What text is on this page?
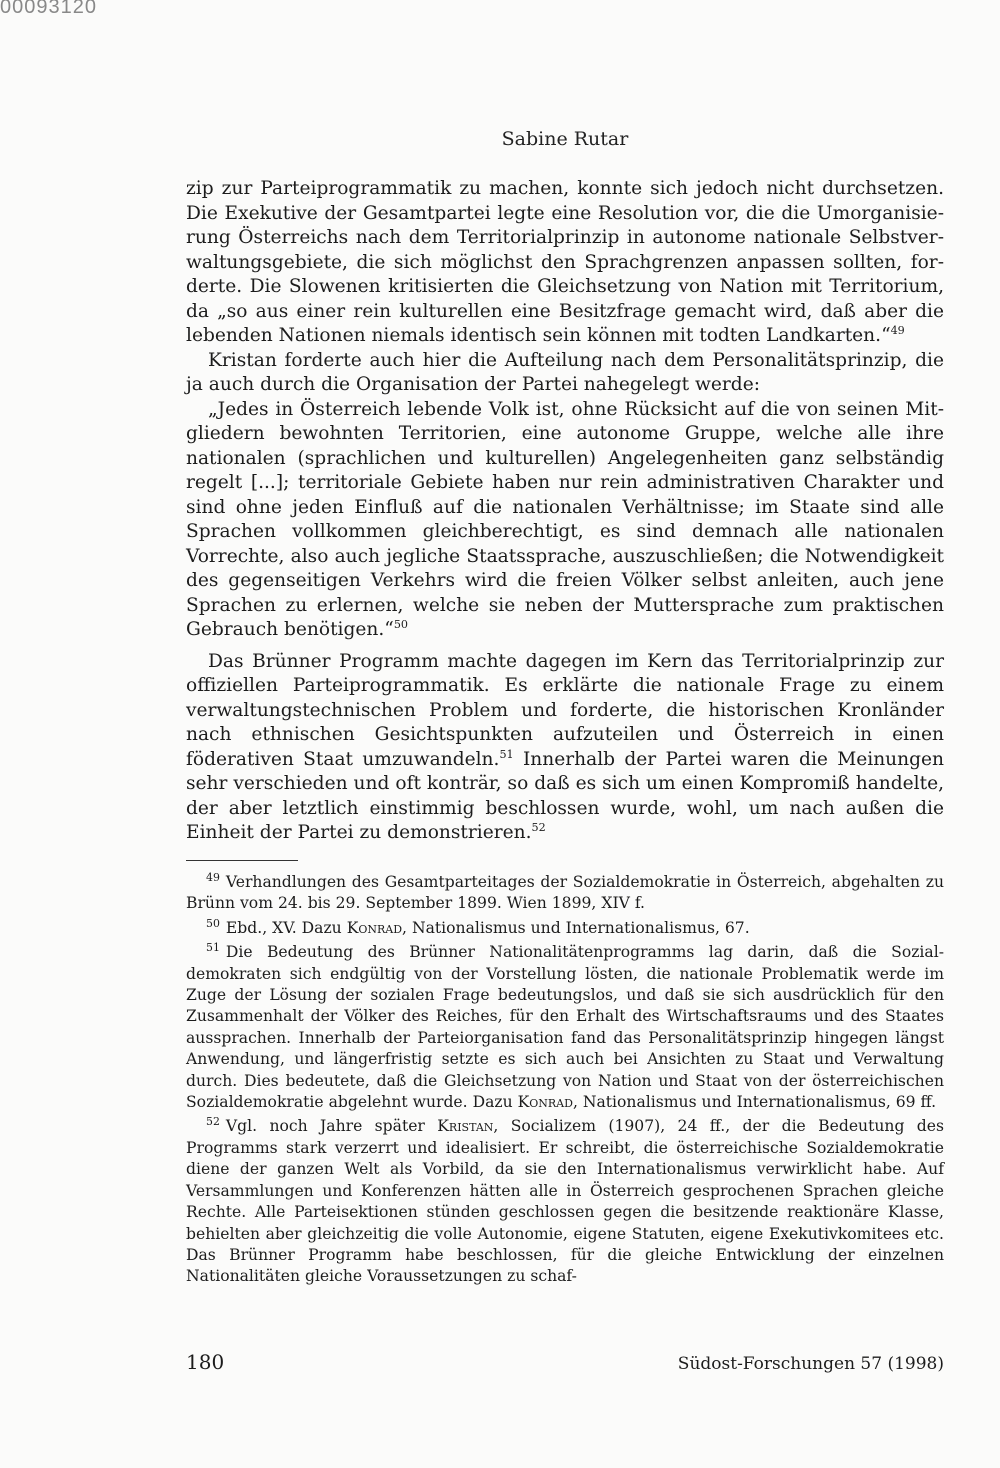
00093120
Sabine Rutar

zip zur Parteiprogrammatik zu machen, konnte sich jedoch nicht durchsetzen. Die Exekutive der Gesamtpartei legte eine Resolution vor, die die Umorganisierung Österreichs nach dem Territorialprinzip in autonome nationale Selbstverwaltungsgebiete, die sich möglichst den Sprachgrenzen anpassen sollten, forderte. Die Slowenen kritisierten die Gleichsetzung von Nation mit Territorium, da „so aus einer rein kulturellen eine Besitzfrage gemacht wird, daß aber die lebenden Nationen niemals identisch sein können mit todten Landkarten.“$^{49}$

Kristan forderte auch hier die Aufteilung nach dem Personalitätsprinzip, die ja auch durch die Organisation der Partei nahegelegt werde:

„Jedes in Österreich lebende Volk ist, ohne Rücksicht auf die von seinen Mitgliedern bewohnten Territorien, eine autonome Gruppe, welche alle ihre nationalen (sprachlichen und kulturellen) Angelegenheiten ganz selbständig regelt [...]; territoriale Gebiete haben nur rein administrativen Charakter und sind ohne jeden Einfluß auf die nationalen Verhältnisse; im Staate sind alle Sprachen vollkommen gleichberechtigt, es sind demnach alle nationalen Vorrechte, also auch jegliche Staatssprache, auszuschließen; die Notwendigkeit des gegenseitigen Verkehrs wird die freien Völker selbst anleiten, auch jene Sprachen zu erlernen, welche sie neben der Muttersprache zum praktischen Gebrauch benötigen.“$^{50}$

Das Brünner Programm machte dagegen im Kern das Territorialprinzip zur offiziellen Parteiprogrammatik. Es erklärte die nationale Frage zu einem verwaltungstechnischen Problem und forderte, die historischen Kronländer nach ethnischen Gesichtspunkten aufzuteilen und Österreich in einen föderativen Staat umzuwandeln.$^{51}$ Innerhalb der Partei waren die Meinungen sehr verschieden und oft konträr, so daß es sich um einen Kompromiß handelte, der aber letztlich einstimmig beschlossen wurde, wohl, um nach außen die Einheit der Partei zu demonstrieren.$^{52}$

$^{49}$ Verhandlungen des Gesamtparteitages der Sozialdemokratie in Österreich, abgehalten zu Brünn vom 24. bis 29. September 1899. Wien 1899, XIV f.

$^{50}$ Ebd., XV. Dazu Konrad, Nationalismus und Internationalismus, 67.

$^{51}$ Die Bedeutung des Brünner Nationalitätenprogramms lag darin, daß die Sozialdemokraten sich endgültig von der Vorstellung lösten, die nationale Problematik werde im Zuge der Lösung der sozialen Frage bedeutungslos, und daß sie sich ausdrücklich für den Zusammenhalt der Völker des Reiches, für den Erhalt des Wirtschaftsraums und des Staates aussprachen. Innerhalb der Parteiorganisation fand das Personalitätsprinzip hingegen längst Anwendung, und längerfristig setzte es sich auch bei Ansichten zu Staat und Verwaltung durch. Dies bedeutete, daß die Gleichsetzung von Nation und Staat von der österreichischen Sozialdemokratie abgelehnt wurde. Dazu Konrad, Nationalismus und Internationalismus, 69 ff.

$^{52}$ Vgl. noch Jahre später Kristan, Socializem (1907), 24 ff., der die Bedeutung des Programms stark verzerrt und idealisiert. Er schreibt, die österreichische Sozialdemokratie diene der ganzen Welt als Vorbild, da sie den Internationalismus verwirklicht habe. Auf Versammlungen und Konferenzen hätten alle in Österreich gesprochenen Sprachen gleiche Rechte. Alle Parteisektionen stünden geschlossen gegen die besitzende reaktionäre Klasse, behielten aber gleichzeitig die volle Autonomie, eigene Statuten, eigene Exekutivkomitees etc. Das Brünner Programm habe beschlossen, für die gleiche Entwicklung der einzelnen Nationalitäten gleiche Voraussetzungen zu schaf-

180	Südost-Forschungen 57 (1998)
